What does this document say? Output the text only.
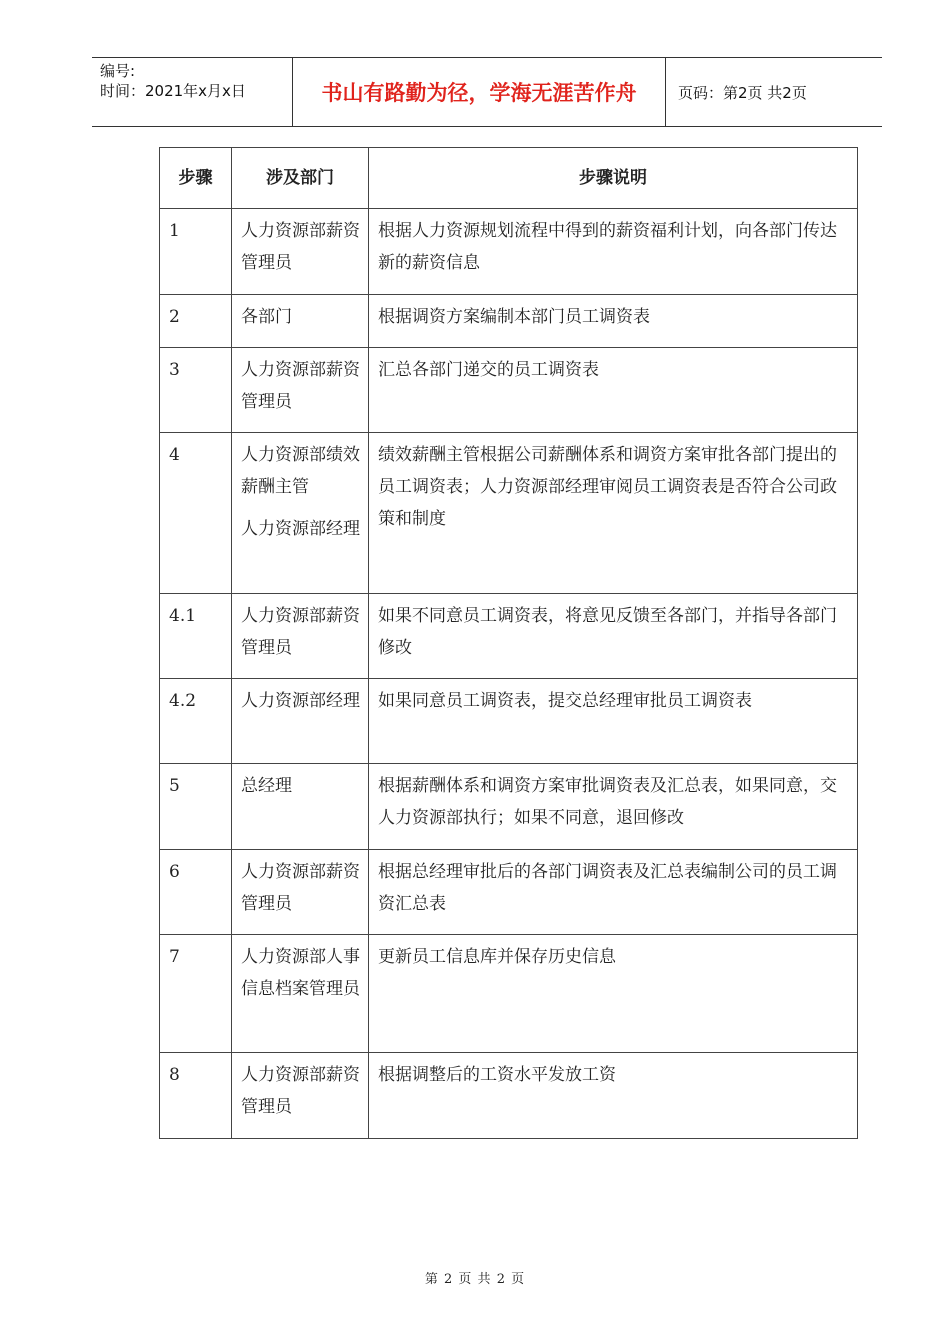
编号:
时间：2021年x月x日	书山有路勤为径，学海无涯苦作舟	页码：第2页 共2页
步骤	涉及部门	步骤说明
1	人力资源部薪资管理员	根据人力资源规划流程中得到的薪资福利计划，向各部门传达新的薪资信息
2	各部门	根据调资方案编制本部门员工调资表
3	人力资源部薪资管理员	汇总各部门递交的员工调资表
4	人力资源部绩效薪酬主管
人力资源部经理	绩效薪酬主管根据公司薪酬体系和调资方案审批各部门提出的员工调资表；人力资源部经理审阅员工调资表是否符合公司政策和制度
4.1	人力资源部薪资管理员	如果不同意员工调资表，将意见反馈至各部门，并指导各部门修改
4.2	人力资源部经理	如果同意员工调资表，提交总经理审批员工调资表
5	总经理	根据薪酬体系和调资方案审批调资表及汇总表，如果同意，交人力资源部执行；如果不同意，退回修改
6	人力资源部薪资管理员	根据总经理审批后的各部门调资表及汇总表编制公司的员工调资汇总表
7	人力资源部人事信息档案管理员	更新员工信息库并保存历史信息
8	人力资源部薪资管理员	根据调整后的工资水平发放工资
第 2 页 共 2 页
